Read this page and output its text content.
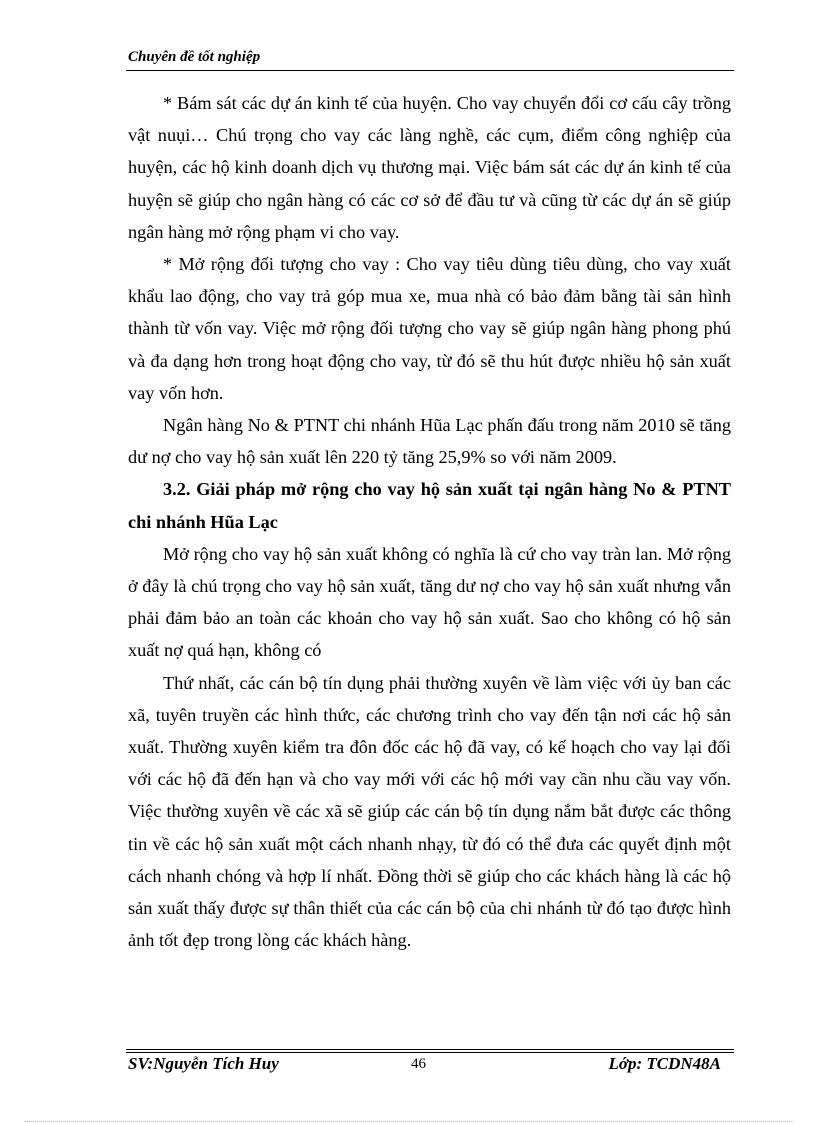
Chuyên đề tốt nghiệp

* Bám sát các dự án kinh tế của huyện. Cho vay chuyển đổi cơ cấu cây trồng vật nuụi… Chú trọng cho vay các làng nghề, các cụm, điểm công nghiệp của huyện, các hộ kinh doanh dịch vụ thương mại. Việc bám sát các dự án kinh tế của huyện sẽ giúp cho ngân hàng có các cơ sở để đầu tư và cũng từ các dự án sẽ giúp ngân hàng mở rộng phạm vi cho vay.

* Mở rộng đối tượng cho vay : Cho vay tiêu dùng tiêu dùng, cho vay xuất khẩu lao động, cho vay trả góp mua xe, mua nhà có bảo đảm bằng tài sản hình thành từ vốn vay. Việc mở rộng đối tượng cho vay sẽ giúp ngân hàng phong phú và đa dạng hơn trong hoạt động cho vay, từ đó sẽ thu hút được nhiều hộ sản xuất vay vốn hơn.

Ngân hàng No & PTNT chi nhánh Hũa Lạc phấn đấu trong năm 2010 sẽ tăng dư nợ cho vay hộ sản xuất lên 220 tỷ tăng 25,9% so với năm 2009.

3.2. Giải pháp mở rộng cho vay hộ sản xuất tại ngân hàng No & PTNT chi nhánh Hũa Lạc

Mở rộng cho vay hộ sản xuất không có nghĩa là cứ cho vay tràn lan. Mở rộng ở đây là chú trọng cho vay hộ sản xuất, tăng dư nợ cho vay hộ sản xuất nhưng vẫn phải đảm bảo an toàn các khoản cho vay hộ sản xuất. Sao cho không có hộ sản xuất nợ quá hạn, không có

Thứ nhất, các cán bộ tín dụng phải thường xuyên về làm việc với ủy ban các xã, tuyên truyền các hình thức, các chương trình cho vay đến tận nơi các hộ sản xuất. Thường xuyên kiểm tra đôn đốc các hộ đã vay, có kế hoạch cho vay lại đối với các hộ đã đến hạn và cho vay mới với các hộ mới vay cần nhu cầu vay vốn. Việc thường xuyên về các xã sẽ giúp các cán bộ tín dụng nắm bắt được các thông tin về các hộ sản xuất một cách nhanh nhạy, từ đó có thể đưa các quyết định một cách nhanh chóng và hợp lí nhất. Đồng thời sẽ giúp cho các khách hàng là các hộ sản xuất thấy được sự thân thiết của các cán bộ của chi nhánh từ đó tạo được hình ảnh tốt đẹp trong lòng các khách hàng.

SV:Nguyễn Tích Huy	46	Lớp: TCDN48A
